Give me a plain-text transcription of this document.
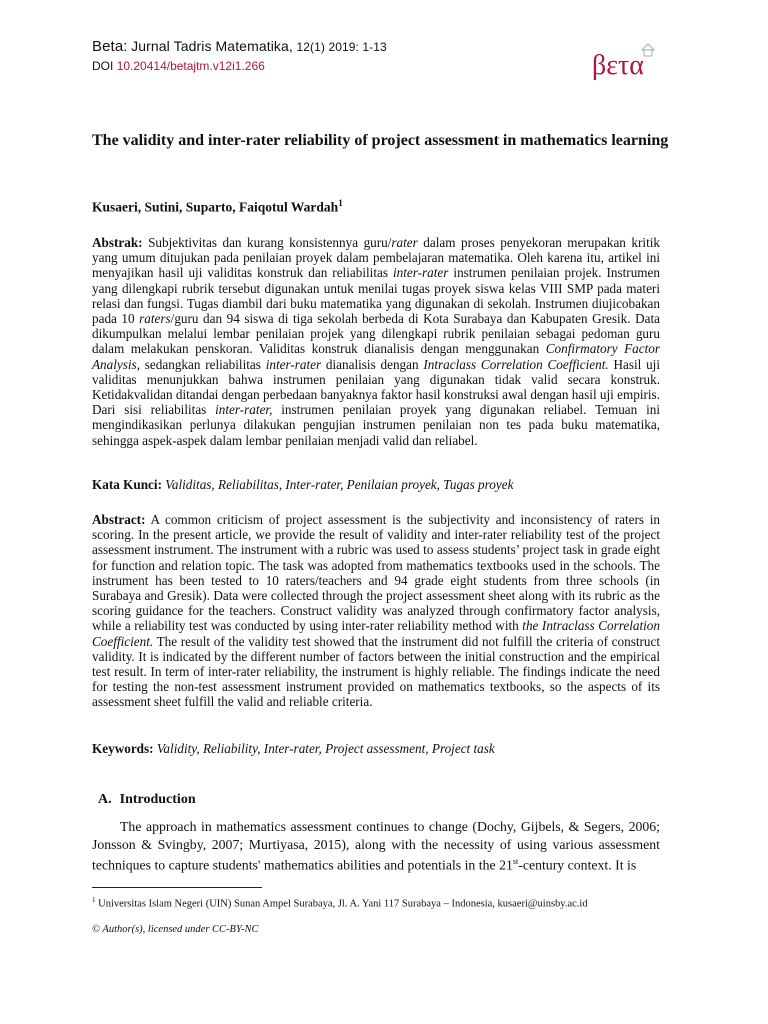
Beta: Jurnal Tadris Matematika, 12(1) 2019: 1-13
DOI 10.20414/betajtm.v12i1.266	βετα
The validity and inter-rater reliability of project assessment in mathematics learning
Kusaeri, Sutini, Suparto, Faiqotul Wardah$^1$
Abstrak: Subjektivitas dan kurang konsistennya guru/rater dalam proses penyekoran merupakan kritik yang umum ditujukan pada penilaian proyek dalam pembelajaran matematika. Oleh karena itu, artikel ini menyajikan hasil uji validitas konstruk dan reliabilitas inter-rater instrumen penilaian projek. Instrumen yang dilengkapi rubrik tersebut digunakan untuk menilai tugas proyek siswa kelas VIII SMP pada materi relasi dan fungsi. Tugas diambil dari buku matematika yang digunakan di sekolah. Instrumen diujicobakan pada 10 raters/guru dan 94 siswa di tiga sekolah berbeda di Kota Surabaya dan Kabupaten Gresik. Data dikumpulkan melalui lembar penilaian projek yang dilengkapi rubrik penilaian sebagai pedoman guru dalam melakukan penskoran. Validitas konstruk dianalisis dengan menggunakan Confirmatory Factor Analysis, sedangkan reliabilitas inter-rater dianalisis dengan Intraclass Correlation Coefficient. Hasil uji validitas menunjukkan bahwa instrumen penilaian yang digunakan tidak valid secara konstruk. Ketidakvalidan ditandai dengan perbedaan banyaknya faktor hasil konstruksi awal dengan hasil uji empiris. Dari sisi reliabilitas inter-rater, instrumen penilaian proyek yang digunakan reliabel. Temuan ini mengindikasikan perlunya dilakukan pengujian instrumen penilaian non tes pada buku matematika, sehingga aspek-aspek dalam lembar penilaian menjadi valid dan reliabel.
Kata Kunci: Validitas, Reliabilitas, Inter-rater, Penilaian proyek, Tugas proyek
Abstract: A common criticism of project assessment is the subjectivity and inconsistency of raters in scoring. In the present article, we provide the result of validity and inter-rater reliability test of the project assessment instrument. The instrument with a rubric was used to assess students’ project task in grade eight for function and relation topic. The task was adopted from mathematics textbooks used in the schools. The instrument has been tested to 10 raters/teachers and 94 grade eight students from three schools (in Surabaya and Gresik). Data were collected through the project assessment sheet along with its rubric as the scoring guidance for the teachers. Construct validity was analyzed through confirmatory factor analysis, while a reliability test was conducted by using inter-rater reliability method with the Intraclass Correlation Coefficient. The result of the validity test showed that the instrument did not fulfill the criteria of construct validity. It is indicated by the different number of factors between the initial construction and the empirical test result. In term of inter-rater reliability, the instrument is highly reliable. The findings indicate the need for testing the non-test assessment instrument provided on mathematics textbooks, so the aspects of its assessment sheet fulfill the valid and reliable criteria.
Keywords: Validity, Reliability, Inter-rater, Project assessment, Project task
A. Introduction
The approach in mathematics assessment continues to change (Dochy, Gijbels, & Segers, 2006; Jonsson & Svingby, 2007; Murtiyasa, 2015), along with the necessity of using various assessment techniques to capture students' mathematics abilities and potentials in the 21st-century context. It is
$^1$ Universitas Islam Negeri (UIN) Sunan Ampel Surabaya, Jl. A. Yani 117 Surabaya – Indonesia, kusaeri@uinsby.ac.id
© Author(s), licensed under CC-BY-NC
